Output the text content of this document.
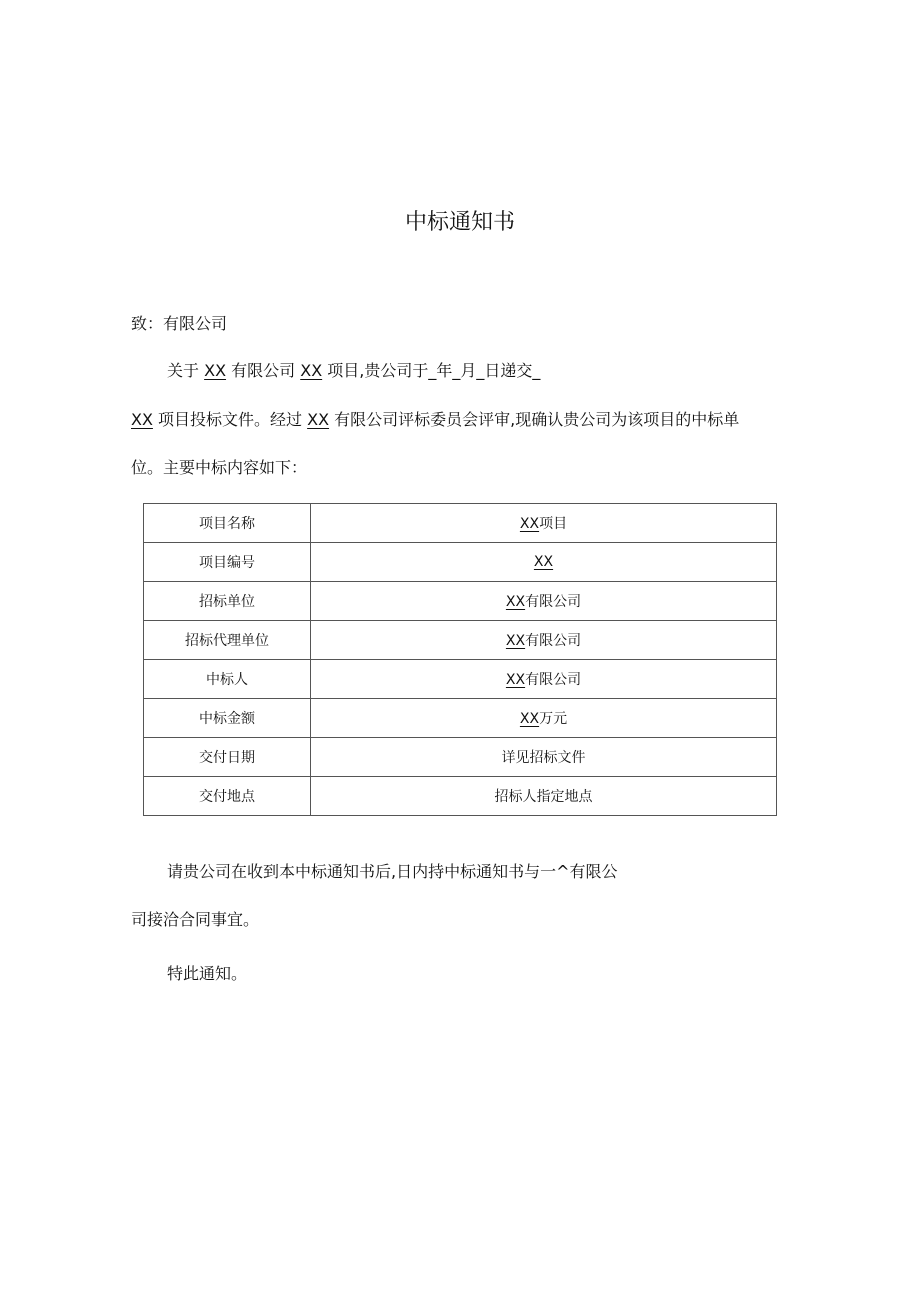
中标通知书
致：有限公司
关于 XX 有限公司 XX 项目,贵公司于_年_月_日递交_
XX 项目投标文件。经过 XX 有限公司评标委员会评审,现确认贵公司为该项目的中标单
位。主要中标内容如下：
项目名称	XX项目
项目编号	XX
招标单位	XX有限公司
招标代理单位	XX有限公司
中标人	XX有限公司
中标金额	XX万元
交付日期	详见招标文件
交付地点	招标人指定地点
请贵公司在收到本中标通知书后,日内持中标通知书与一^有限公
司接洽合同事宜。
特此通知。
